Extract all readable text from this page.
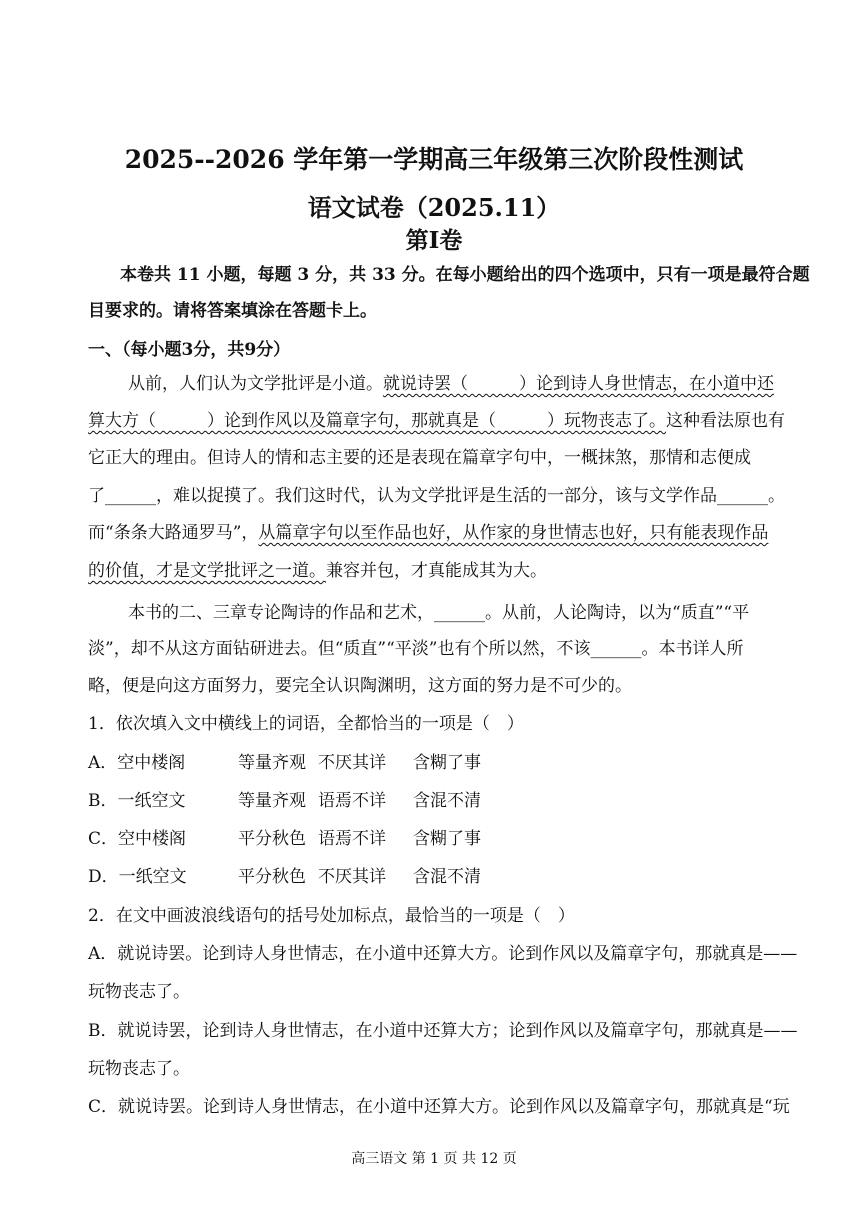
2025--2026 学年第一学期高三年级第三次阶段性测试
语文试卷（2025.11）
第I卷
本卷共 11 小题，每题 3 分，共 33 分。在每小题给出的四个选项中，只有一项是最符合题
目要求的。请将答案填涂在答题卡上。
一、（每小题3分，共9分）
从前，人们认为文学批评是小道。就说诗罢（　　　）论到诗人身世情志，在小道中还
算大方（　　　）论到作风以及篇章字句，那就真是（　　　）玩物丧志了。这种看法原也有
它正大的理由。但诗人的情和志主要的还是表现在篇章字句中，一概抹煞，那情和志便成
了______，难以捉摸了。我们这时代，认为文学批评是生活的一部分，该与文学作品______。
而“条条大路通罗马”，从篇章字句以至作品也好，从作家的身世情志也好，只有能表现作品
的价值，才是文学批评之一道。兼容并包，才真能成其为大。
本书的二、三章专论陶诗的作品和艺术，______。从前，人论陶诗，以为“质直”“平
淡”，却不从这方面钻研进去。但“质直”“平淡”也有个所以然，不该______。本书详人所
略，便是向这方面努力，要完全认识陶渊明，这方面的努力是不可少的。
1．依次填入文中横线上的词语，全都恰当的一项是（　）
A．空中楼阁	等量齐观 不厌其详 含糊了事
B．一纸空文	等量齐观 语焉不详 含混不清
C．空中楼阁	平分秋色 语焉不详 含糊了事
D．一纸空文	平分秋色 不厌其详 含混不清
2．在文中画波浪线语句的括号处加标点，最恰当的一项是（　）
A．就说诗罢。论到诗人身世情志，在小道中还算大方。论到作风以及篇章字句，那就真是——
玩物丧志了。
B．就说诗罢，论到诗人身世情志，在小道中还算大方；论到作风以及篇章字句，那就真是——
玩物丧志了。
C．就说诗罢。论到诗人身世情志，在小道中还算大方。论到作风以及篇章字句，那就真是“玩
高三语文 第 1 页 共 12 页
